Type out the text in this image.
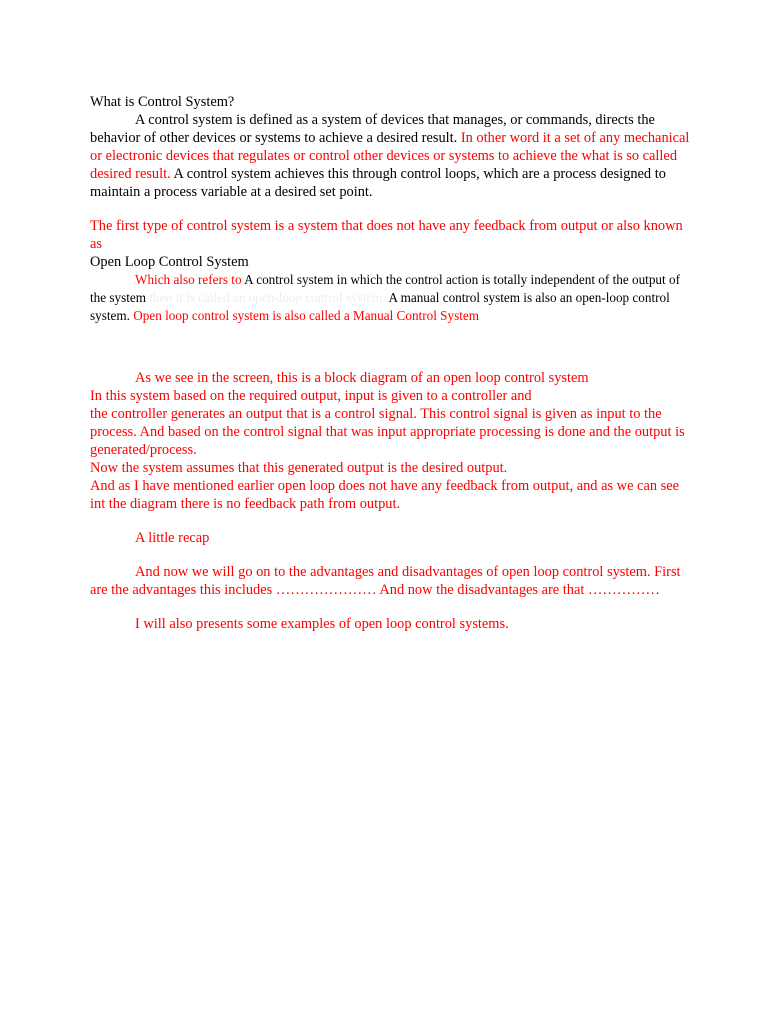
What is Control System?

A control system is defined as a system of devices that manages, or commands, directs the behavior of other devices or systems to achieve a desired result. In other word it a set of any mechanical or electronic devices that regulates or control other devices or systems to achieve the what is so called desired result. A control system achieves this through control loops, which are a process designed to maintain a process variable at a desired set point.

The first type of control system is a system that does not have any feedback from output or also known as

Open Loop Control System

Which also refers to A control system in which the control action is totally independent of the output of the system then it is called an open-loop control system. A manual control system is also an open-loop control system. Open loop control system is also called a Manual Control System

As we see in the screen, this is a block diagram of an open loop control system

In this system based on the required output, input is given to a controller and

the controller generates an output that is a control signal. This control signal is given as input to the process. And based on the control signal that was input appropriate processing is done and the output is generated/process.

Now the system assumes that this generated output is the desired output.

And as I have mentioned earlier open loop does not have any feedback from output, and as we can see int the diagram there is no feedback path from output.

A little recap

And now we will go on to the advantages and disadvantages of open loop control system. First are the advantages this includes ………………… And now the disadvantages are that ……………

I will also presents some examples of open loop control systems.
